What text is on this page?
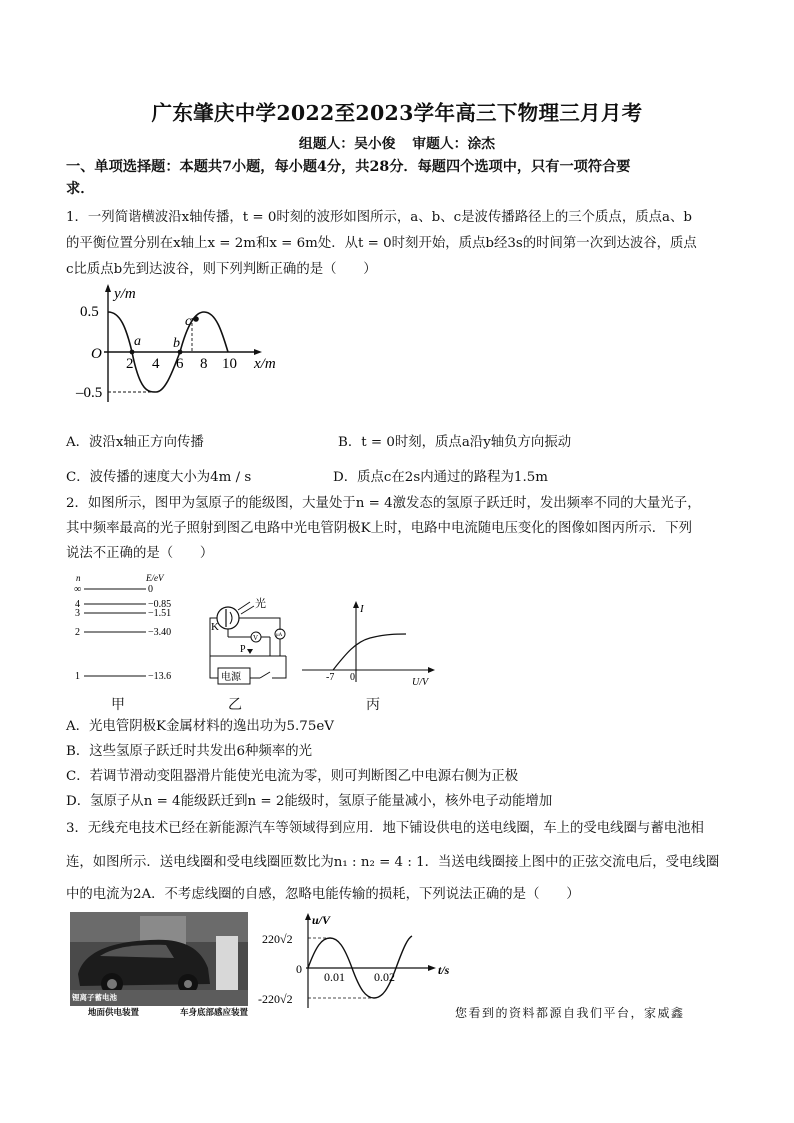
广东肇庆中学2022至2023学年高三下物理三月月考
组题人：吴小俊 审题人：涂杰
一、单项选择题：本题共7小题，每小题4分，共28分．每题四个选项中，只有一项符合要
求．
1．一列简谐横波沿x轴传播，t = 0时刻的波形如图所示，a、b、c是波传播路径上的三个质点，质点a、b
的平衡位置分别在x轴上x = 2m和x = 6m处．从t = 0时刻开始，质点b经3s的时间第一次到达波谷，质点
c比质点b先到达波谷，则下列判断正确的是（　　）
y/m
0.5
–0.5
O
a b
c
2 4 6 8 10 x/m
A．波沿x轴正方向传播	B．t = 0时刻，质点a沿y轴负方向振动
C．波传播的速度大小为4m / s	D．质点c在2s内通过的路程为1.5m
2．如图所示，图甲为氢原子的能级图，大量处于n = 4激发态的氢原子跃迁时，发出频率不同的大量光子，
其中频率最高的光子照射到图乙电路中光电管阴极K上时，电路中电流随电压变化的图像如图丙所示．下列
说法不正确的是（　　）
n	E/eV
∞	0
4	−0.85
3	−1.51
2	−3.40
1	−13.6
光
K
μA
V
P
电源
I
-7 0	U/V
甲	乙	丙
A．光电管阴极K金属材料的逸出功为5.75eV
B．这些氢原子跃迁时共发出6种频率的光
C．若调节滑动变阻器滑片能使光电流为零，则可判断图乙中电源右侧为正极
D．氢原子从n = 4能级跃迁到n = 2能级时，氢原子能量减小，核外电子动能增加
3．无线充电技术已经在新能源汽车等领域得到应用．地下铺设供电的送电线圈，车上的受电线圈与蓄电池相
连，如图所示．送电线圈和受电线圈匝数比为n₁ : n₂ = 4 : 1．当送电线圈接上图中的正弦交流电后，受电线圈
中的电流为2A．不考虑线圈的自感，忽略电能传输的损耗，下列说法正确的是（　　）
锂离子蓄电池
地面供电装置	车身底部感应装置
u/V
220√2
-220√2
0
0.01 0.02	t/s
您看到的资料都源自我们平台，家威鑫
